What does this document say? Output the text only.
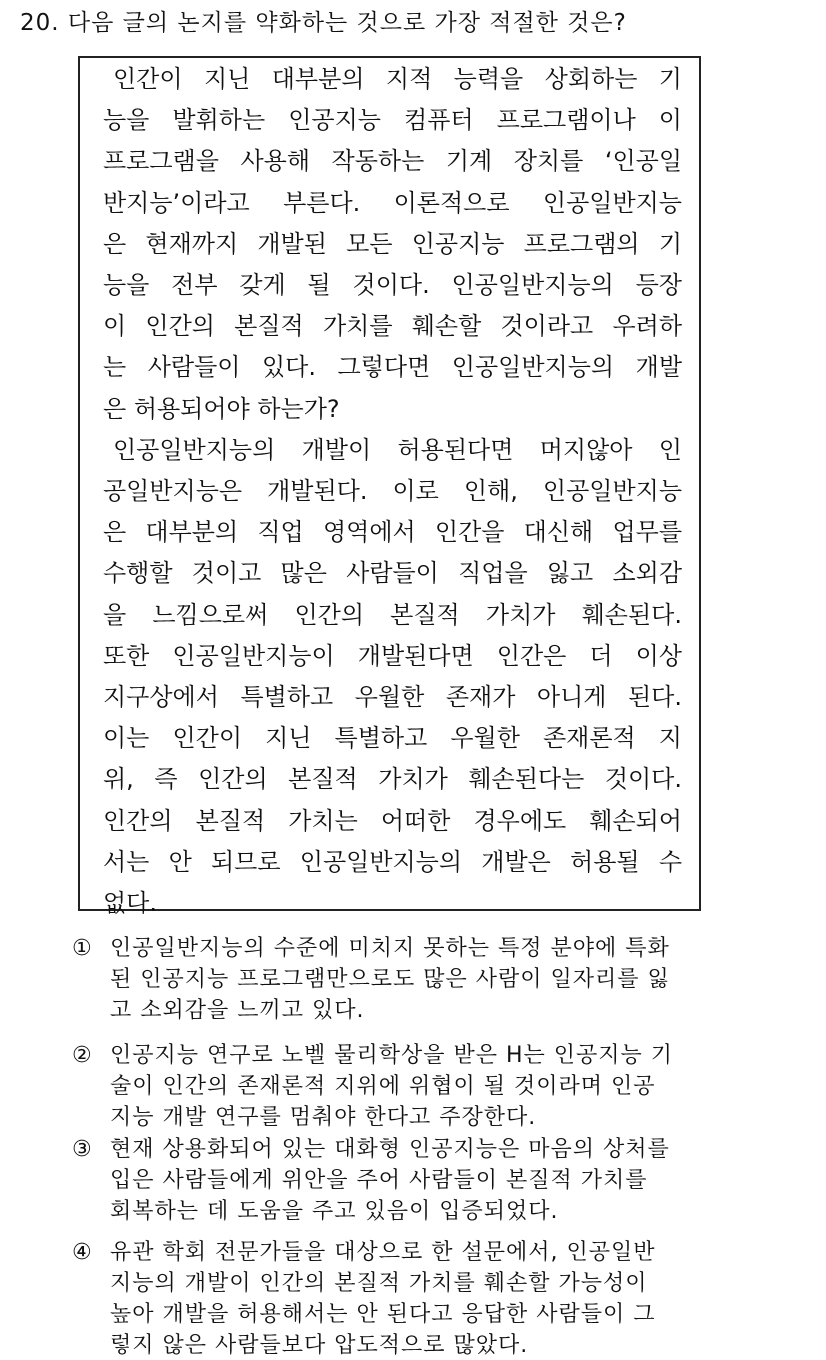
20. 다음 글의 논지를 약화하는 것으로 가장 적절한 것은?
인간이 지닌 대부분의 지적 능력을 상회하는 기
능을 발휘하는 인공지능 컴퓨터 프로그램이나 이
프로그램을 사용해 작동하는 기계 장치를 ‘인공일
반지능’이라고 부른다. 이론적으로 인공일반지능
은 현재까지 개발된 모든 인공지능 프로그램의 기
능을 전부 갖게 될 것이다. 인공일반지능의 등장
이 인간의 본질적 가치를 훼손할 것이라고 우려하
는 사람들이 있다. 그렇다면 인공일반지능의 개발
은 허용되어야 하는가?
인공일반지능의 개발이 허용된다면 머지않아 인
공일반지능은 개발된다. 이로 인해, 인공일반지능
은 대부분의 직업 영역에서 인간을 대신해 업무를
수행할 것이고 많은 사람들이 직업을 잃고 소외감
을 느낌으로써 인간의 본질적 가치가 훼손된다.
또한 인공일반지능이 개발된다면 인간은 더 이상
지구상에서 특별하고 우월한 존재가 아니게 된다.
이는 인간이 지닌 특별하고 우월한 존재론적 지
위, 즉 인간의 본질적 가치가 훼손된다는 것이다.
인간의 본질적 가치는 어떠한 경우에도 훼손되어
서는 안 되므로 인공일반지능의 개발은 허용될 수
없다.
① 인공일반지능의 수준에 미치지 못하는 특정 분야에 특화
된 인공지능 프로그램만으로도 많은 사람이 일자리를 잃
고 소외감을 느끼고 있다.
② 인공지능 연구로 노벨 물리학상을 받은 H는 인공지능 기
술이 인간의 존재론적 지위에 위협이 될 것이라며 인공
지능 개발 연구를 멈춰야 한다고 주장한다.
③ 현재 상용화되어 있는 대화형 인공지능은 마음의 상처를
입은 사람들에게 위안을 주어 사람들이 본질적 가치를
회복하는 데 도움을 주고 있음이 입증되었다.
④ 유관 학회 전문가들을 대상으로 한 설문에서, 인공일반
지능의 개발이 인간의 본질적 가치를 훼손할 가능성이
높아 개발을 허용해서는 안 된다고 응답한 사람들이 그
렇지 않은 사람들보다 압도적으로 많았다.
